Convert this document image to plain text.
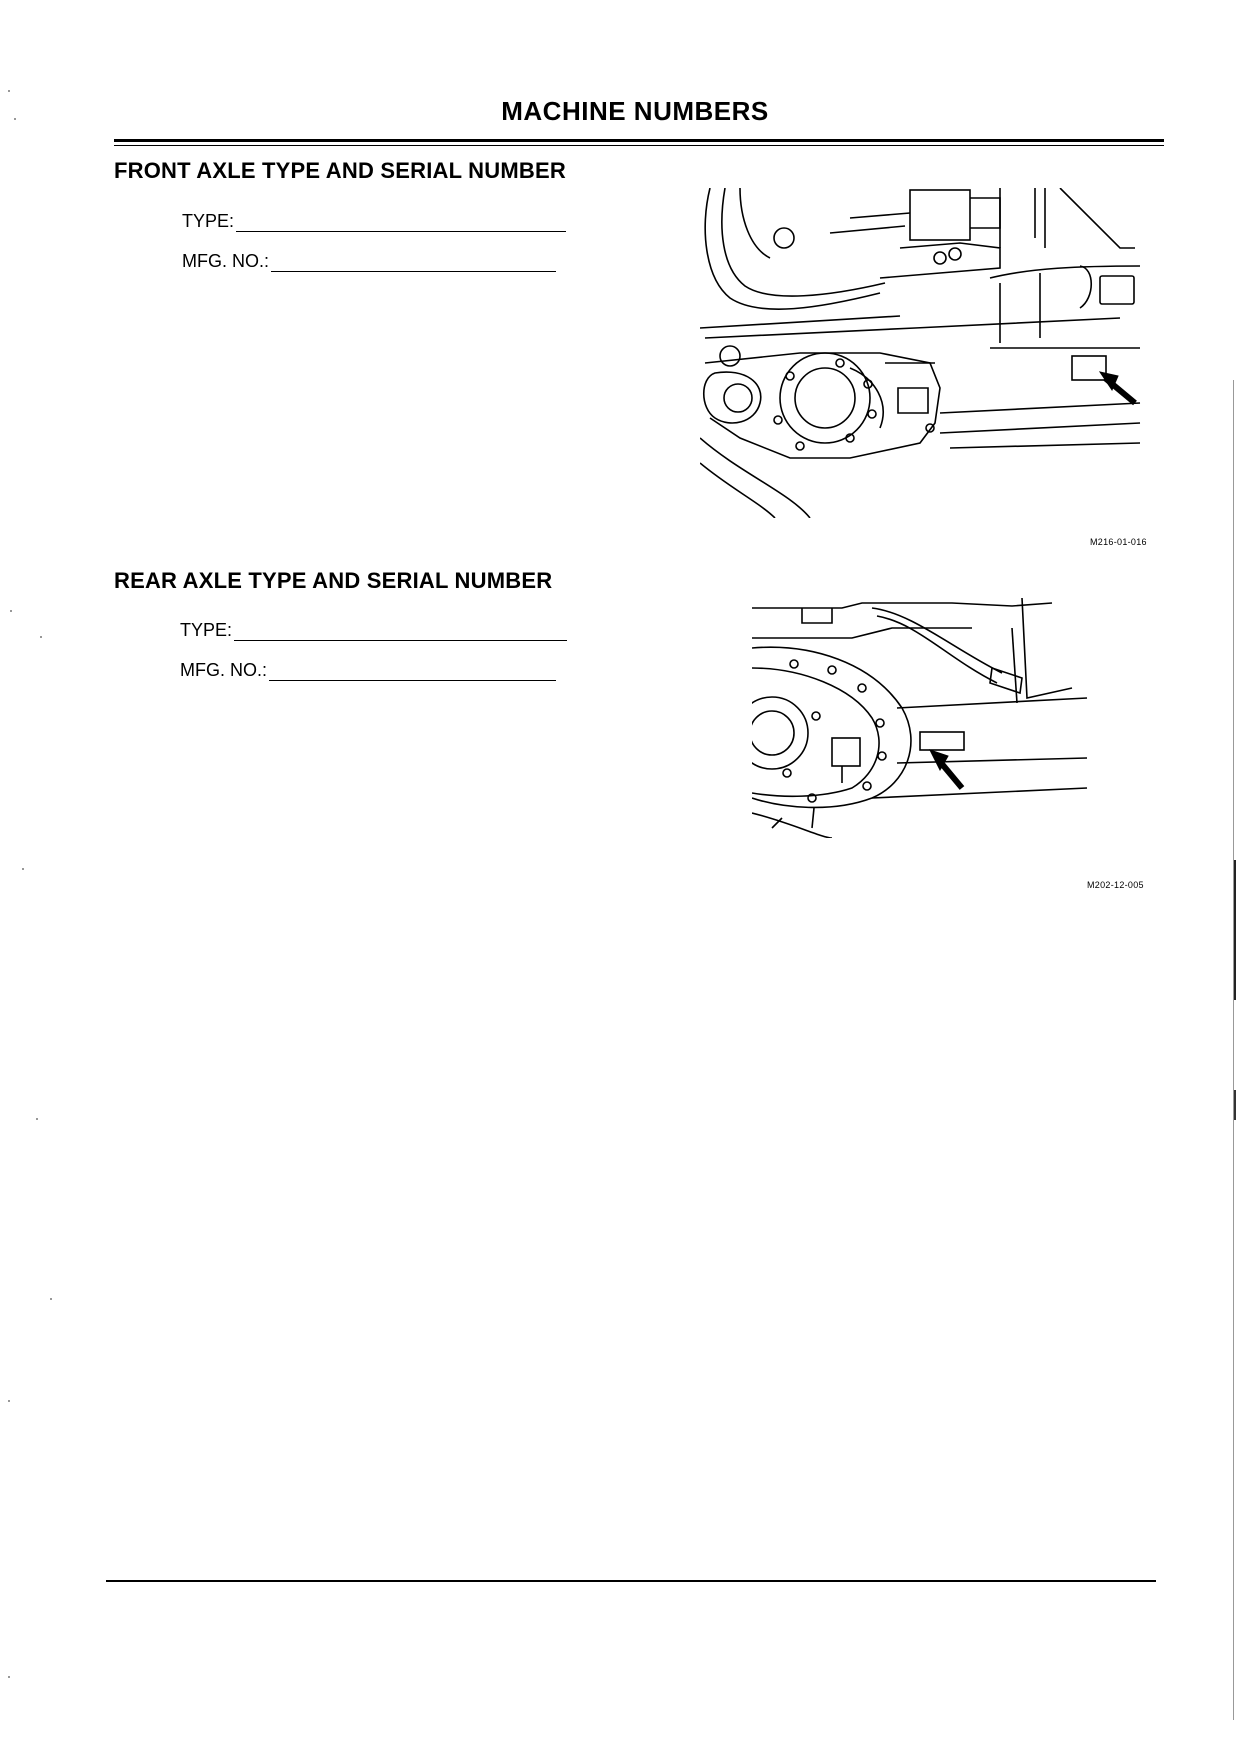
MACHINE NUMBERS
FRONT AXLE TYPE AND SERIAL NUMBER
TYPE:
MFG. NO.:
M216-01-016
REAR AXLE TYPE AND SERIAL NUMBER
TYPE:
MFG. NO.:
M202-12-005
